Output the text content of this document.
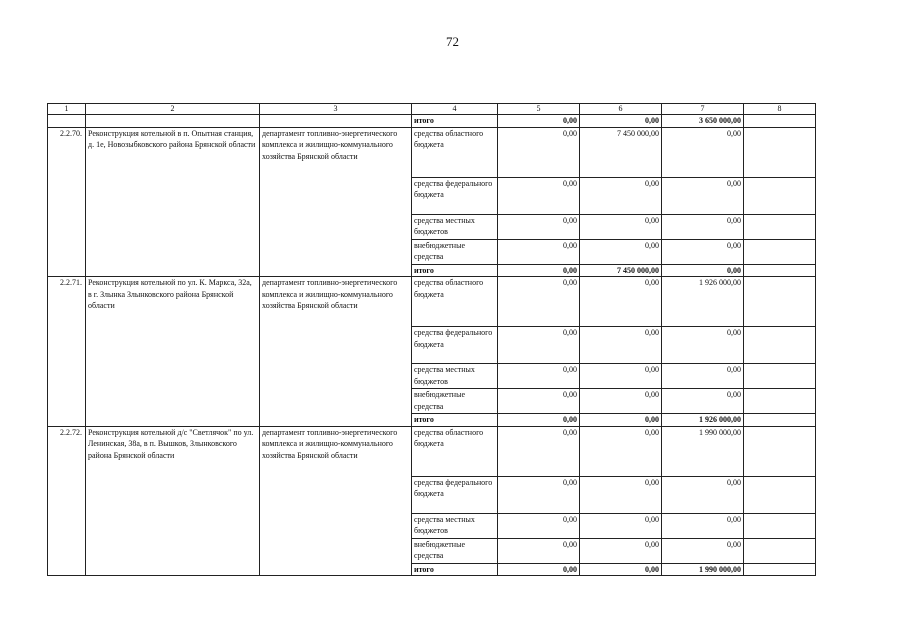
72
1	2	3	4	5	6	7	8
			итого	0,00	0,00	3 650 000,00	
2.2.70.	Реконструкция котельной в п. Опытная станция, д. 1е, Новозыбковского района Брянской области	департамент топливно-энергетического комплекса и жилищно-коммунального хозяйства Брянской области	средства областного бюджета	0,00	7 450 000,00	0,00	
			средства федерального бюджета	0,00	0,00	0,00	
			средства местных бюджетов	0,00	0,00	0,00	
			внебюджетные средства	0,00	0,00	0,00	
			итого	0,00	7 450 000,00	0,00	
2.2.71.	Реконструкция котельной по ул. К. Маркса, 32а, в г. Злынка Злынковского района Брянской области	департамент топливно-энергетического комплекса и жилищно-коммунального хозяйства Брянской области	средства областного бюджета	0,00	0,00	1 926 000,00	
			средства федерального бюджета	0,00	0,00	0,00	
			средства местных бюджетов	0,00	0,00	0,00	
			внебюджетные средства	0,00	0,00	0,00	
			итого	0,00	0,00	1 926 000,00	
2.2.72.	Реконструкция котельной д/с "Светлячок" по ул. Ленинская, 38а, в п. Вышков, Злынковского района Брянской области	департамент топливно-энергетического комплекса и жилищно-коммунального хозяйства Брянской области	средства областного бюджета	0,00	0,00	1 990 000,00	
			средства федерального бюджета	0,00	0,00	0,00	
			средства местных бюджетов	0,00	0,00	0,00	
			внебюджетные средства	0,00	0,00	0,00	
			итого	0,00	0,00	1 990 000,00	
